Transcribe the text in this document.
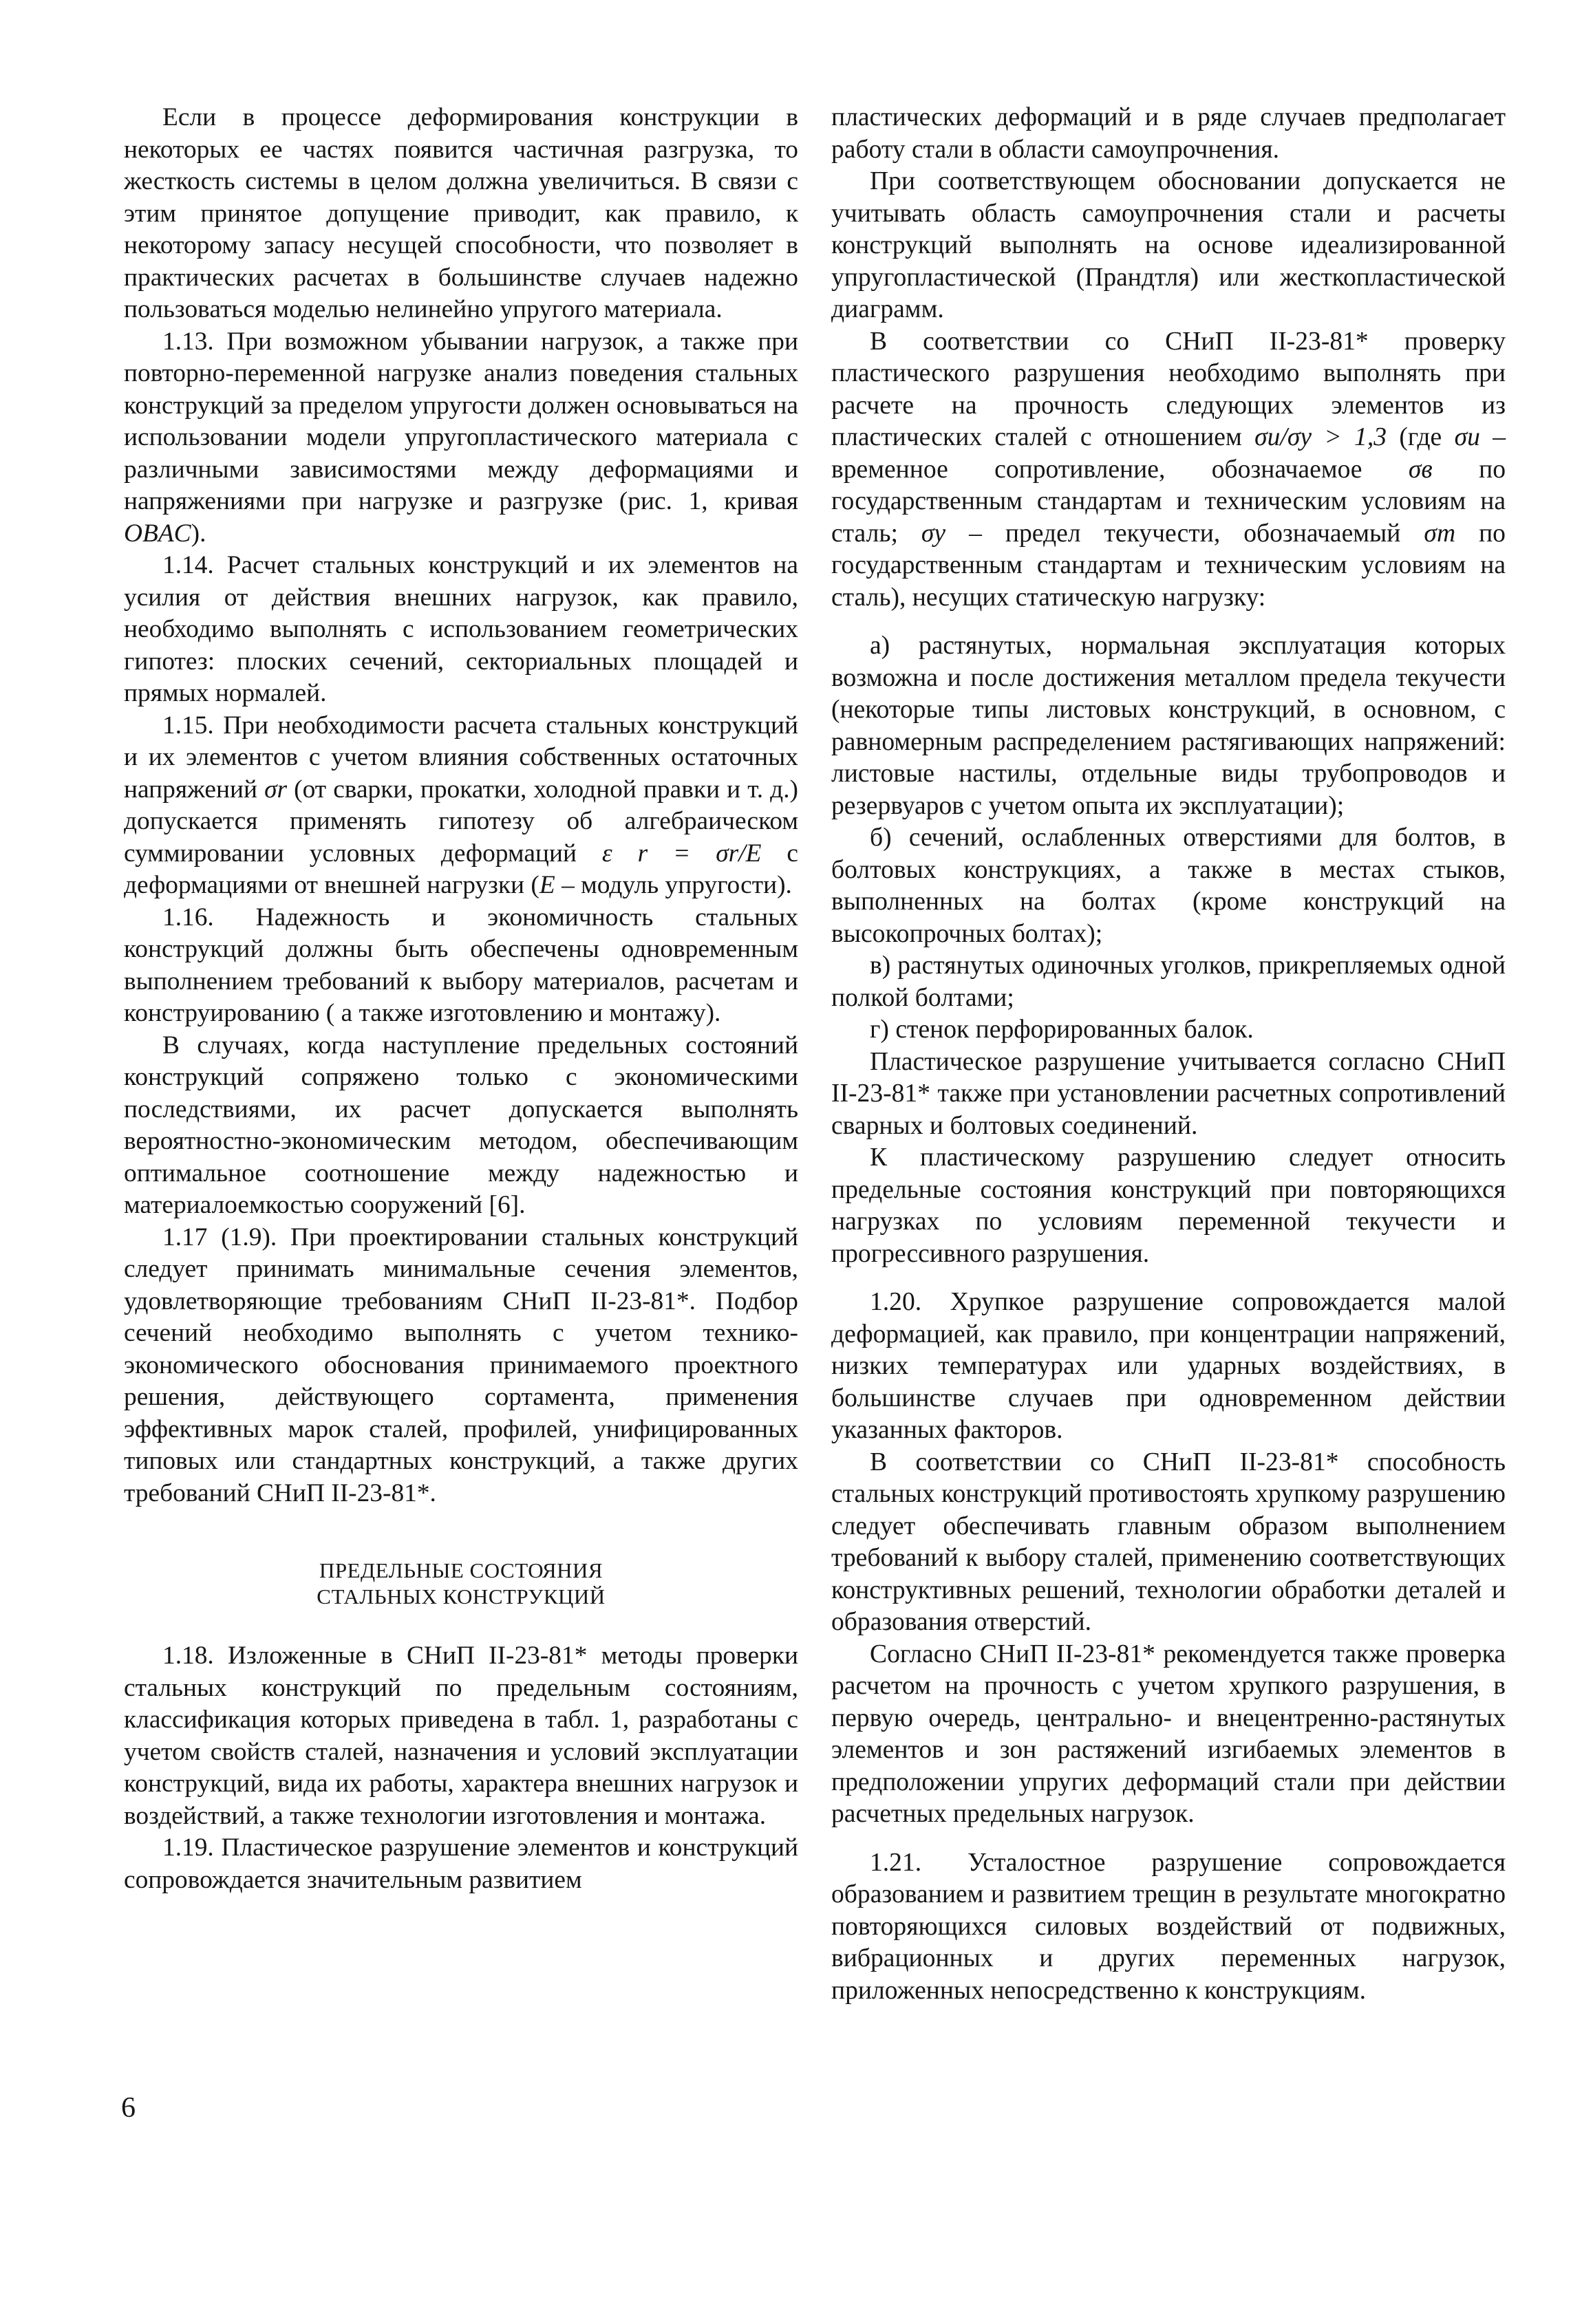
Если в процессе деформирования конструкции в некоторых ее частях появится частичная разгрузка, то жесткость системы в целом должна увеличиться. В связи с этим принятое допущение приводит, как правило, к некоторому запасу несущей способности, что позволяет в практических расчетах в большинстве случаев надежно пользоваться моделью нелинейно упругого материала.

1.13. При возможном убывании нагрузок, а также при повторно-переменной нагрузке анализ поведения стальных конструкций за пределом упругости должен основываться на использовании модели упругопластического материала с различными зависимостями между деформациями и напряжениями при нагрузке и разгрузке (рис. 1, кривая OBAC).

1.14. Расчет стальных конструкций и их элементов на усилия от действия внешних нагрузок, как правило, необходимо выполнять с использованием геометрических гипотез: плоских сечений, секториальных площадей и прямых нормалей.

1.15. При необходимости расчета стальных конструкций и их элементов с учетом влияния собственных остаточных напряжений σr (от сварки, прокатки, холодной правки и т. д.) допускается применять гипотезу об алгебраическом суммировании условных деформаций ε r = σr/E с деформациями от внешней нагрузки (E – модуль упругости).

1.16. Надежность и экономичность стальных конструкций должны быть обеспечены одновременным выполнением требований к выбору материалов, расчетам и конструированию ( а также изготовлению и монтажу).

В случаях, когда наступление предельных состояний конструкций сопряжено только с экономическими последствиями, их расчет допускается выполнять вероятностно-экономическим методом, обеспечивающим оптимальное соотношение между надежностью и материалоемкостью сооружений [6].

1.17 (1.9). При проектировании стальных конструкций следует принимать минимальные сечения элементов, удовлетворяющие требованиям СНиП II-23-81*. Подбор сечений необходимо выполнять с учетом технико-экономического обоснования принимаемого проектного решения, действующего сортамента, применения эффективных марок сталей, профилей, унифицированных типовых или стандартных конструкций, а также других требований СНиП II-23-81*.

ПРЕДЕЛЬНЫЕ СОСТОЯНИЯ
СТАЛЬНЫХ КОНСТРУКЦИЙ

1.18. Изложенные в СНиП II-23-81* методы проверки стальных конструкций по предельным состояниям, классификация которых приведена в табл. 1, разработаны с учетом свойств сталей, назначения и условий эксплуатации конструкций, вида их работы, характера внешних нагрузок и воздействий, а также технологии изготовления и монтажа.

1.19. Пластическое разрушение элементов и конструкций сопровождается значительным развитием

пластических деформаций и в ряде случаев предполагает работу стали в области самоупрочнения.

При соответствующем обосновании допускается не учитывать область самоупрочнения стали и расчеты конструкций выполнять на основе идеализированной упругопластической (Прандтля) или жесткопластической диаграмм.

В соответствии со СНиП II-23-81* проверку пластического разрушения необходимо выполнять при расчете на прочность следующих элементов из пластических сталей с отношением σu/σy > 1,3 (где σu – временное сопротивление, обозначаемое σв по государственным стандартам и техническим условиям на сталь; σy – предел текучести, обозначаемый σт по государственным стандартам и техническим условиям на сталь), несущих статическую нагрузку:

а) растянутых, нормальная эксплуатация которых возможна и после достижения металлом предела текучести (некоторые типы листовых конструкций, в основном, с равномерным распределением растягивающих напряжений: листовые настилы, отдельные виды трубопроводов и резервуаров с учетом опыта их эксплуатации);

б) сечений, ослабленных отверстиями для болтов, в болтовых конструкциях, а также в местах стыков, выполненных на болтах (кроме конструкций на высокопрочных болтах);

в) растянутых одиночных уголков, прикрепляемых одной полкой болтами;

г) стенок перфорированных балок.

Пластическое разрушение учитывается согласно СНиП II-23-81* также при установлении расчетных сопротивлений сварных и болтовых соединений.

К пластическому разрушению следует относить предельные состояния конструкций при повторяющихся нагрузках по условиям переменной текучести и прогрессивного разрушения.

1.20. Хрупкое разрушение сопровождается малой деформацией, как правило, при концентрации напряжений, низких температурах или ударных воздействиях, в большинстве случаев при одновременном действии указанных факторов.

В соответствии со СНиП II-23-81* способность стальных конструкций противостоять хрупкому разрушению следует обеспечивать главным образом выполнением требований к выбору сталей, применению соответствующих конструктивных решений, технологии обработки деталей и образования отверстий.

Согласно СНиП II-23-81* рекомендуется также проверка расчетом на прочность с учетом хрупкого разрушения, в первую очередь, центрально- и внецентренно-растянутых элементов и зон растяжений изгибаемых элементов в предположении упругих деформаций стали при действии расчетных предельных нагрузок.

1.21. Усталостное разрушение сопровождается образованием и развитием трещин в результате многократно повторяющихся силовых воздействий от подвижных, вибрационных и других переменных нагрузок, приложенных непосредственно к конструкциям.

6
